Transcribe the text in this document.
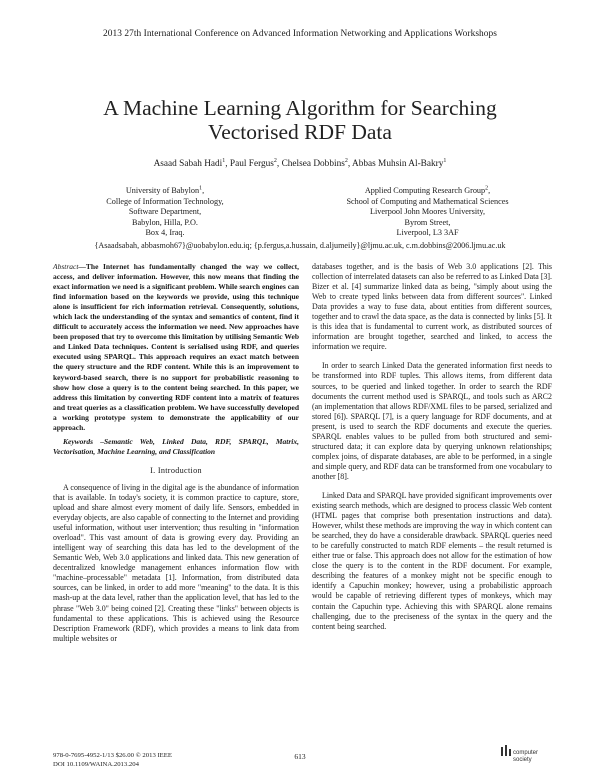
2013 27th International Conference on Advanced Information Networking and Applications Workshops
A Machine Learning Algorithm for Searching
Vectorised RDF Data
Asaad Sabah Hadi$^1$, Paul Fergus$^2$, Chelsea Dobbins$^2$, Abbas Muhsin Al-Bakry$^1$
University of Babylon$^1$,
College of Information Technology,
Software Department,
Babylon, Hilla, P.O.
Box 4, Iraq.
Applied Computing Research Group$^2$,
School of Computing and Mathematical Sciences
Liverpool John Moores University,
Byrom Street,
Liverpool, L3 3AF
{Asaadsabah, abbasmoh67}@uobabylon.edu.iq; {p.fergus,a.hussain, d.aljumeily}@ljmu.ac.uk, c.m.dobbins@2006.ljmu.ac.uk

Abstract—The Internet has fundamentally changed the way we collect, access, and deliver information. However, this now means that finding the exact information we need is a significant problem. While search engines can find information based on the keywords we provide, using this technique alone is insufficient for rich information retrieval. Consequently, solutions, which lack the understanding of the syntax and semantics of content, find it difficult to accurately access the information we need. New approaches have been proposed that try to overcome this limitation by utilising Semantic Web and Linked Data techniques. Content is serialised using RDF, and queries executed using SPARQL. This approach requires an exact match between the query structure and the RDF content. While this is an improvement to keyword-based search, there is no support for probabilistic reasoning to show how close a query is to the content being searched. In this paper, we address this limitation by converting RDF content into a matrix of features and treat queries as a classification problem. We have successfully developed a working prototype system to demonstrate the applicability of our approach.

Keywords –Semantic Web, Linked Data, RDF, SPARQL, Matrix, Vectorisation, Machine Learning, and Classification

I. Introduction

A consequence of living in the digital age is the abundance of information that is available. In today's society, it is common practice to capture, store, upload and share almost every moment of daily life. Sensors, embedded in everyday objects, are also capable of connecting to the Internet and providing useful information, without user intervention; thus resulting in "information overload". This vast amount of data is growing every day. Providing an intelligent way of searching this data has led to the development of the Semantic Web, Web 3.0 applications and linked data. This new generation of decentralized knowledge management enhances information flow with "machine–processable" metadata [1]. Information, from distributed data sources, can be linked, in order to add more "meaning" to the data. It is this mash-up at the data level, rather than the application level, that has led to the phrase "Web 3.0" being coined [2]. Creating these "links" between objects is fundamental to these applications. This is achieved using the Resource Description Framework (RDF), which provides a means to link data from multiple websites or

databases together, and is the basis of Web 3.0 applications [2]. This collection of interrelated datasets can also be referred to as Linked Data [3]. Bizer et al. [4] summarize linked data as being, "simply about using the Web to create typed links between data from different sources". Linked Data provides a way to fuse data, about entities from different sources, together and to crawl the data space, as the data is connected by links [5]. It is this idea that is fundamental to current work, as distributed sources of information are brought together, searched and linked, to access the information we require.

In order to search Linked Data the generated information first needs to be transformed into RDF tuples. This allows items, from different data sources, to be queried and linked together. In order to search the RDF documents the current method used is SPARQL, and tools such as ARC2 (an implementation that allows RDF/XML files to be parsed, serialized and stored [6]). SPARQL [7], is a query language for RDF documents, and at present, is used to search the RDF documents and execute the queries. SPARQL enables values to be pulled from both structured and semi-structured data; it can explore data by querying unknown relationships; complex joins, of disparate databases, are able to be performed, in a single and simple query, and RDF data can be transformed from one vocabulary to another [8].

Linked Data and SPARQL have provided significant improvements over existing search methods, which are designed to process classic Web content (HTML pages that comprise both presentation instructions and data). However, whilst these methods are improving the way in which content can be searched, they do have a considerable drawback. SPARQL queries need to be carefully constructed to match RDF elements – the result returned is either true or false. This approach does not allow for the estimation of how close the query is to the content in the RDF document. For example, describing the features of a monkey might not be specific enough to identify a Capuchin monkey; however, using a probabilistic approach would be capable of retrieving different types of monkeys, which may contain the Capuchin type. Achieving this with SPARQL alone remains challenging, due to the preciseness of the syntax in the query and the content being searched.

978-0-7695-4952-1/13 $26.00 © 2013 IEEE
DOI 10.1109/WAINA.2013.204
613	computer
society
